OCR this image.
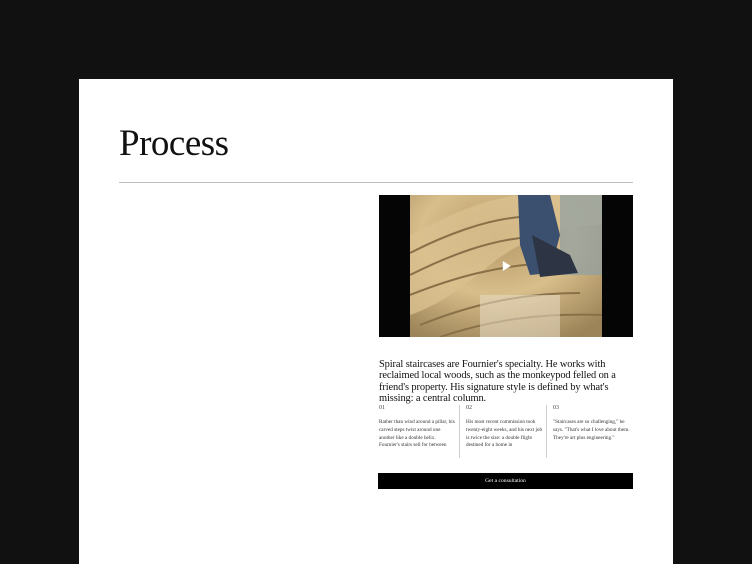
Process

Spiral staircases are Fournier's specialty. He works with reclaimed local woods, such as the monkeypod felled on a friend's property. His signature style is defined by what's missing: a central column.

01
Rather than wind around a pillar, his carved steps twist around one another like a double helix. Fournier's stairs sell for between
02
His most recent commission took twenty-eight weeks, and his next job is twice the size: a double flight destined for a home in
03
"Staircases are so challenging," he says. "That's what I love about them. They're art plus engineering."
Get a consultation
